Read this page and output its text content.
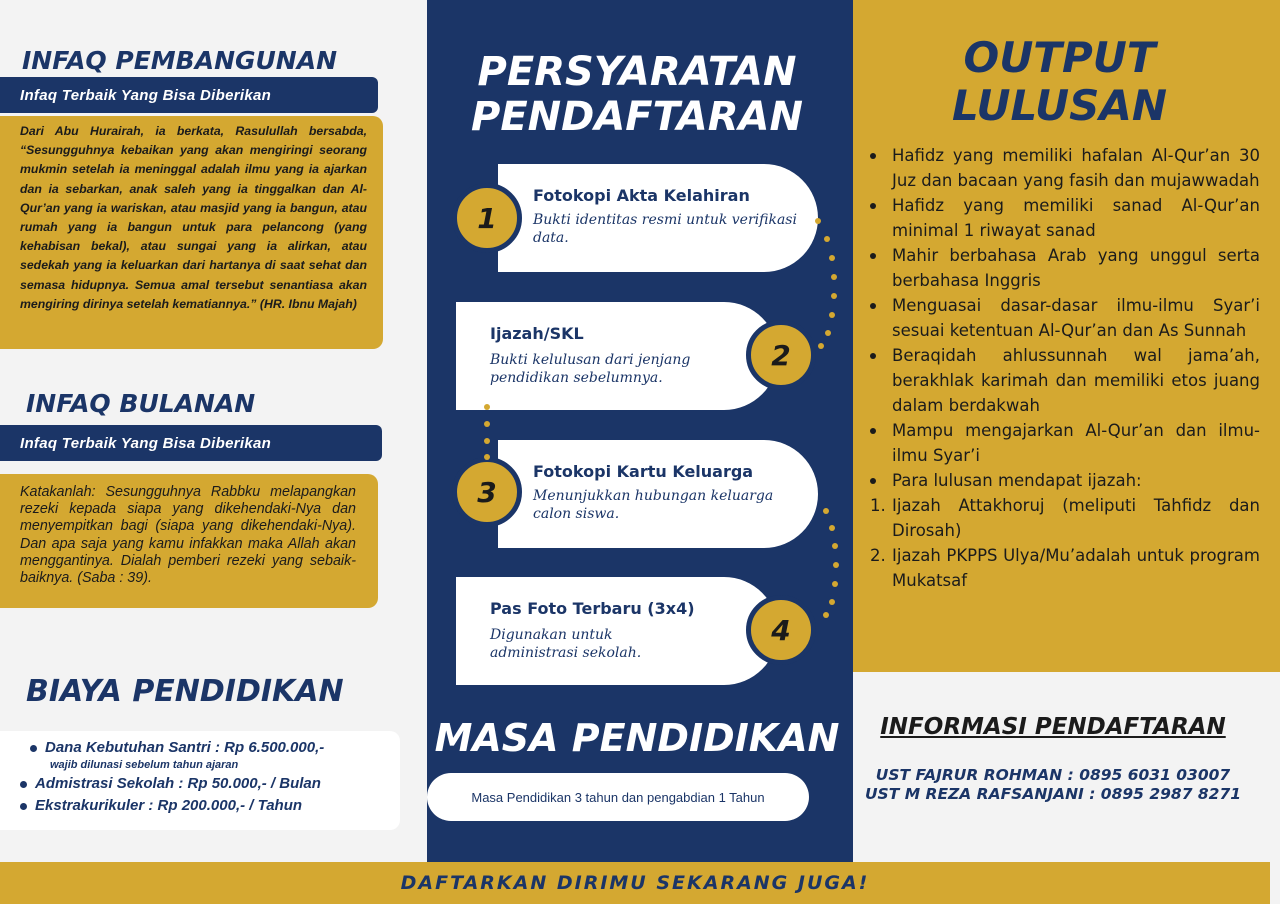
INFAQ PEMBANGUNAN
Infaq Terbaik Yang Bisa Diberikan
Dari Abu Hurairah, ia berkata, Rasulullah bersabda, “Sesungguhnya kebaikan yang akan mengiringi seorang mukmin setelah ia meninggal adalah ilmu yang ia ajarkan dan ia sebarkan, anak saleh yang ia tinggalkan dan Al-Qur’an yang ia wariskan, atau masjid yang ia bangun, atau rumah yang ia bangun untuk para pelancong (yang kehabisan bekal), atau sungai yang ia alirkan, atau sedekah yang ia keluarkan dari hartanya di saat sehat dan semasa hidupnya. Semua amal tersebut senantiasa akan mengiring dirinya setelah kematiannya.” (HR. Ibnu Majah)
INFAQ BULANAN
Infaq Terbaik Yang Bisa Diberikan
Katakanlah: Sesungguhnya Rabbku melapangkan rezeki kepada siapa yang dikehendaki-Nya dan menyempitkan bagi (siapa yang dikehendaki-Nya). Dan apa saja yang kamu infakkan maka Allah akan menggantinya. Dialah pemberi rezeki yang sebaik-baiknya. (Saba : 39).
BIAYA PENDIDIKAN
Dana Kebutuhan Santri : Rp 6.500.000,-
wajib dilunasi sebelum tahun ajaran
Admistrasi Sekolah : Rp 50.000,- / Bulan
Ekstrakurikuler : Rp 200.000,- / Tahun
PERSYARATAN
PENDAFTARAN
Fotokopi Akta Kelahiran
Bukti identitas resmi untuk verifikasi data.
1
Ijazah/SKL
Bukti kelulusan dari jenjang pendidikan sebelumnya.
2
Fotokopi Kartu Keluarga
Menunjukkan hubungan keluarga calon siswa.
3
Pas Foto Terbaru (3x4)
Digunakan untuk administrasi sekolah.
4
MASA PENDIDIKAN
Masa Pendidikan 3 tahun dan pengabdian 1 Tahun
OUTPUT
LULUSAN
Hafidz yang memiliki hafalan Al-Qur’an 30 Juz dan bacaan yang fasih dan mujawwadah
Hafidz yang memiliki sanad Al-Qur’an minimal 1 riwayat sanad
Mahir berbahasa Arab yang unggul serta berbahasa Inggris
Menguasai dasar-dasar ilmu-ilmu Syar’i sesuai ketentuan Al-Qur’an dan As Sunnah
Beraqidah ahlussunnah wal jama’ah, berakhlak karimah dan memiliki etos juang dalam berdakwah
Mampu mengajarkan Al-Qur’an dan ilmu-ilmu Syar’i
Para lulusan mendapat ijazah:
1. Ijazah Attakhoruj (meliputi Tahfidz dan Dirosah)
2. Ijazah PKPPS Ulya/Mu’adalah untuk program Mukatsaf
INFORMASI PENDAFTARAN
UST FAJRUR ROHMAN : 0895 6031 03007
UST M REZA RAFSANJANI : 0895 2987 8271
DAFTARKAN DIRIMU SEKARANG JUGA!
